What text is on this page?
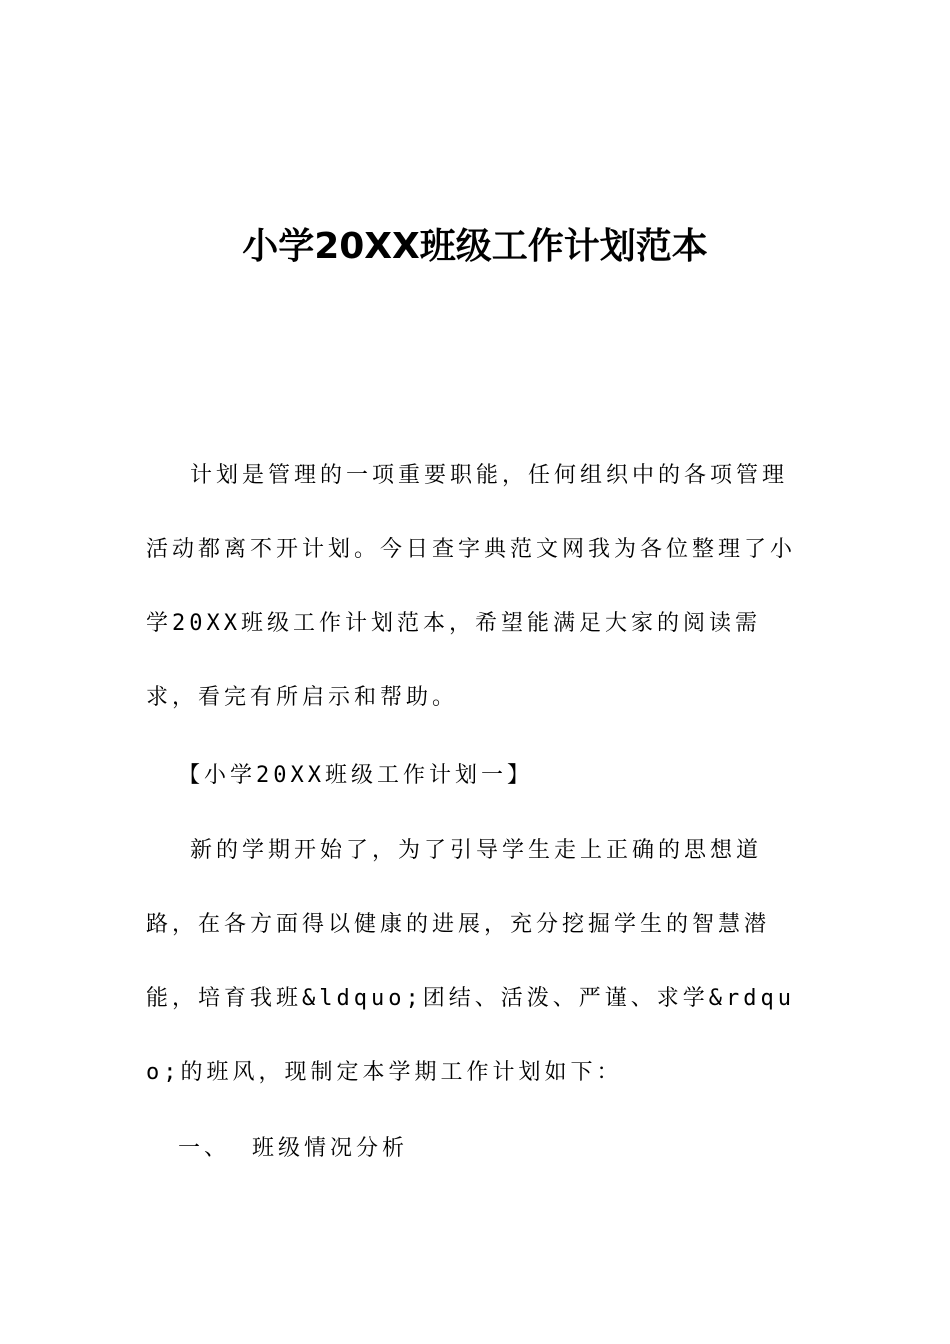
小学20XX班级工作计划范本

计划是管理的一项重要职能，任何组织中的各项管理活动都离不开计划。今日查字典范文网我为各位整理了小学20XX班级工作计划范本，希望能满足大家的阅读需求，看完有所启示和帮助。

【小学20XX班级工作计划一】

新的学期开始了，为了引导学生走上正确的思想道路，在各方面得以健康的进展，充分挖掘学生的智慧潜能，培育我班&ldquo;团结、活泼、严谨、求学&rdquo;的班风，现制定本学期工作计划如下：

一、 班级情况分析
